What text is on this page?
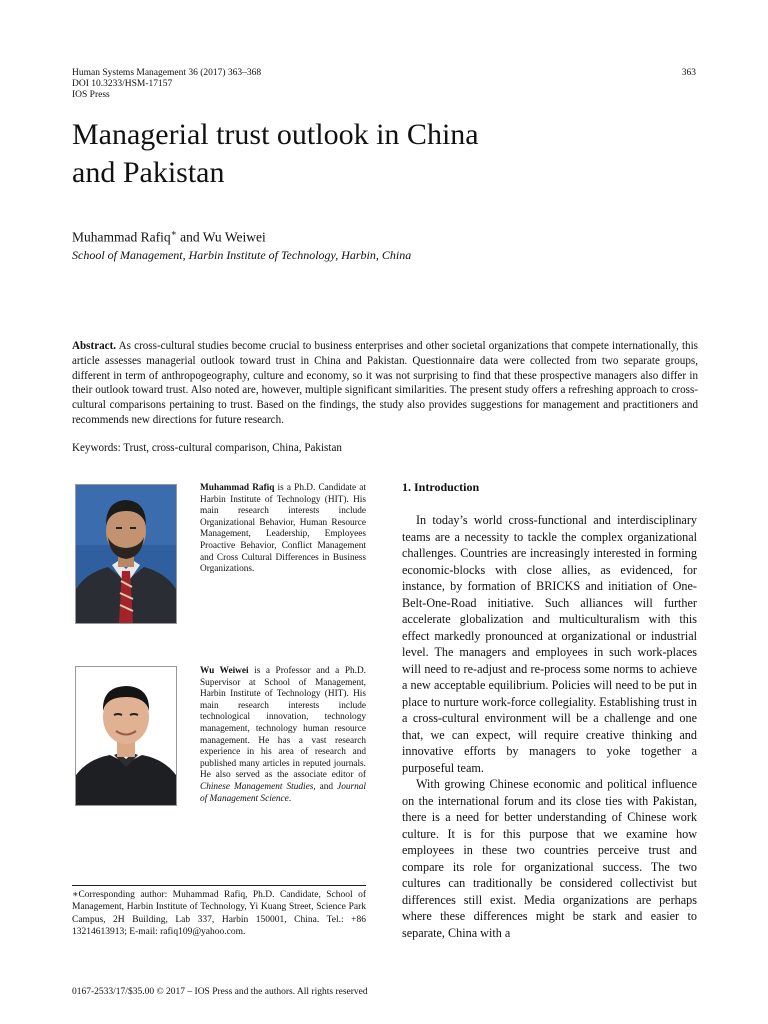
Human Systems Management 36 (2017) 363–368
DOI 10.3233/HSM-17157
IOS Press
363
Managerial trust outlook in China
and Pakistan
Muhammad Rafiq∗ and Wu Weiwei
School of Management, Harbin Institute of Technology, Harbin, China
Abstract. As cross-cultural studies become crucial to business enterprises and other societal organizations that compete internationally, this article assesses managerial outlook toward trust in China and Pakistan. Questionnaire data were collected from two separate groups, different in term of anthropogeography, culture and economy, so it was not surprising to find that these prospective managers also differ in their outlook toward trust. Also noted are, however, multiple significant similarities. The present study offers a refreshing approach to cross-cultural comparisons pertaining to trust. Based on the findings, the study also provides suggestions for management and practitioners and recommends new directions for future research.
Keywords: Trust, cross-cultural comparison, China, Pakistan
Muhammad Rafiq is a Ph.D. Candidate at Harbin Institute of Technology (HIT). His main research interests include Organizational Behavior, Human Resource Management, Leadership, Employees Proactive Behavior, Conflict Management and Cross Cultural Differences in Business Organizations.
Wu Weiwei is a Professor and a Ph.D. Supervisor at School of Management, Harbin Institute of Technology (HIT). His main research interests include technological innovation, technology management, technology human resource management. He has a vast research experience in his area of research and published many articles in reputed journals. He also served as the associate editor of Chinese Management Studies, and Journal of Management Science.
1. Introduction

In today’s world cross-functional and interdisciplinary teams are a necessity to tackle the complex organizational challenges. Countries are increasingly interested in forming economic-blocks with close allies, as evidenced, for instance, by formation of BRICKS and initiation of One-Belt-One-Road initiative. Such alliances will further accelerate globalization and multiculturalism with this effect markedly pronounced at organizational or industrial level. The managers and employees in such work-places will need to re-adjust and re-process some norms to achieve a new acceptable equilibrium. Policies will need to be put in place to nurture work-force collegiality. Establishing trust in a cross-cultural environment will be a challenge and one that, we can expect, will require creative thinking and innovative efforts by managers to yoke together a purposeful team.

With growing Chinese economic and political influence on the international forum and its close ties with Pakistan, there is a need for better understanding of Chinese work culture. It is for this purpose that we examine how employees in these two countries perceive trust and compare its role for organizational success. The two cultures can traditionally be considered collectivist but differences still exist. Media organizations are perhaps where these differences might be stark and easier to separate, China with a

∗Corresponding author: Muhammad Rafiq, Ph.D. Candidate, School of Management, Harbin Institute of Technology, Yi Kuang Street, Science Park Campus, 2H Building, Lab 337, Harbin 150001, China. Tel.: +86 13214613913; E-mail: rafiq109@yahoo.com.
0167-2533/17/$35.00 © 2017 – IOS Press and the authors. All rights reserved
